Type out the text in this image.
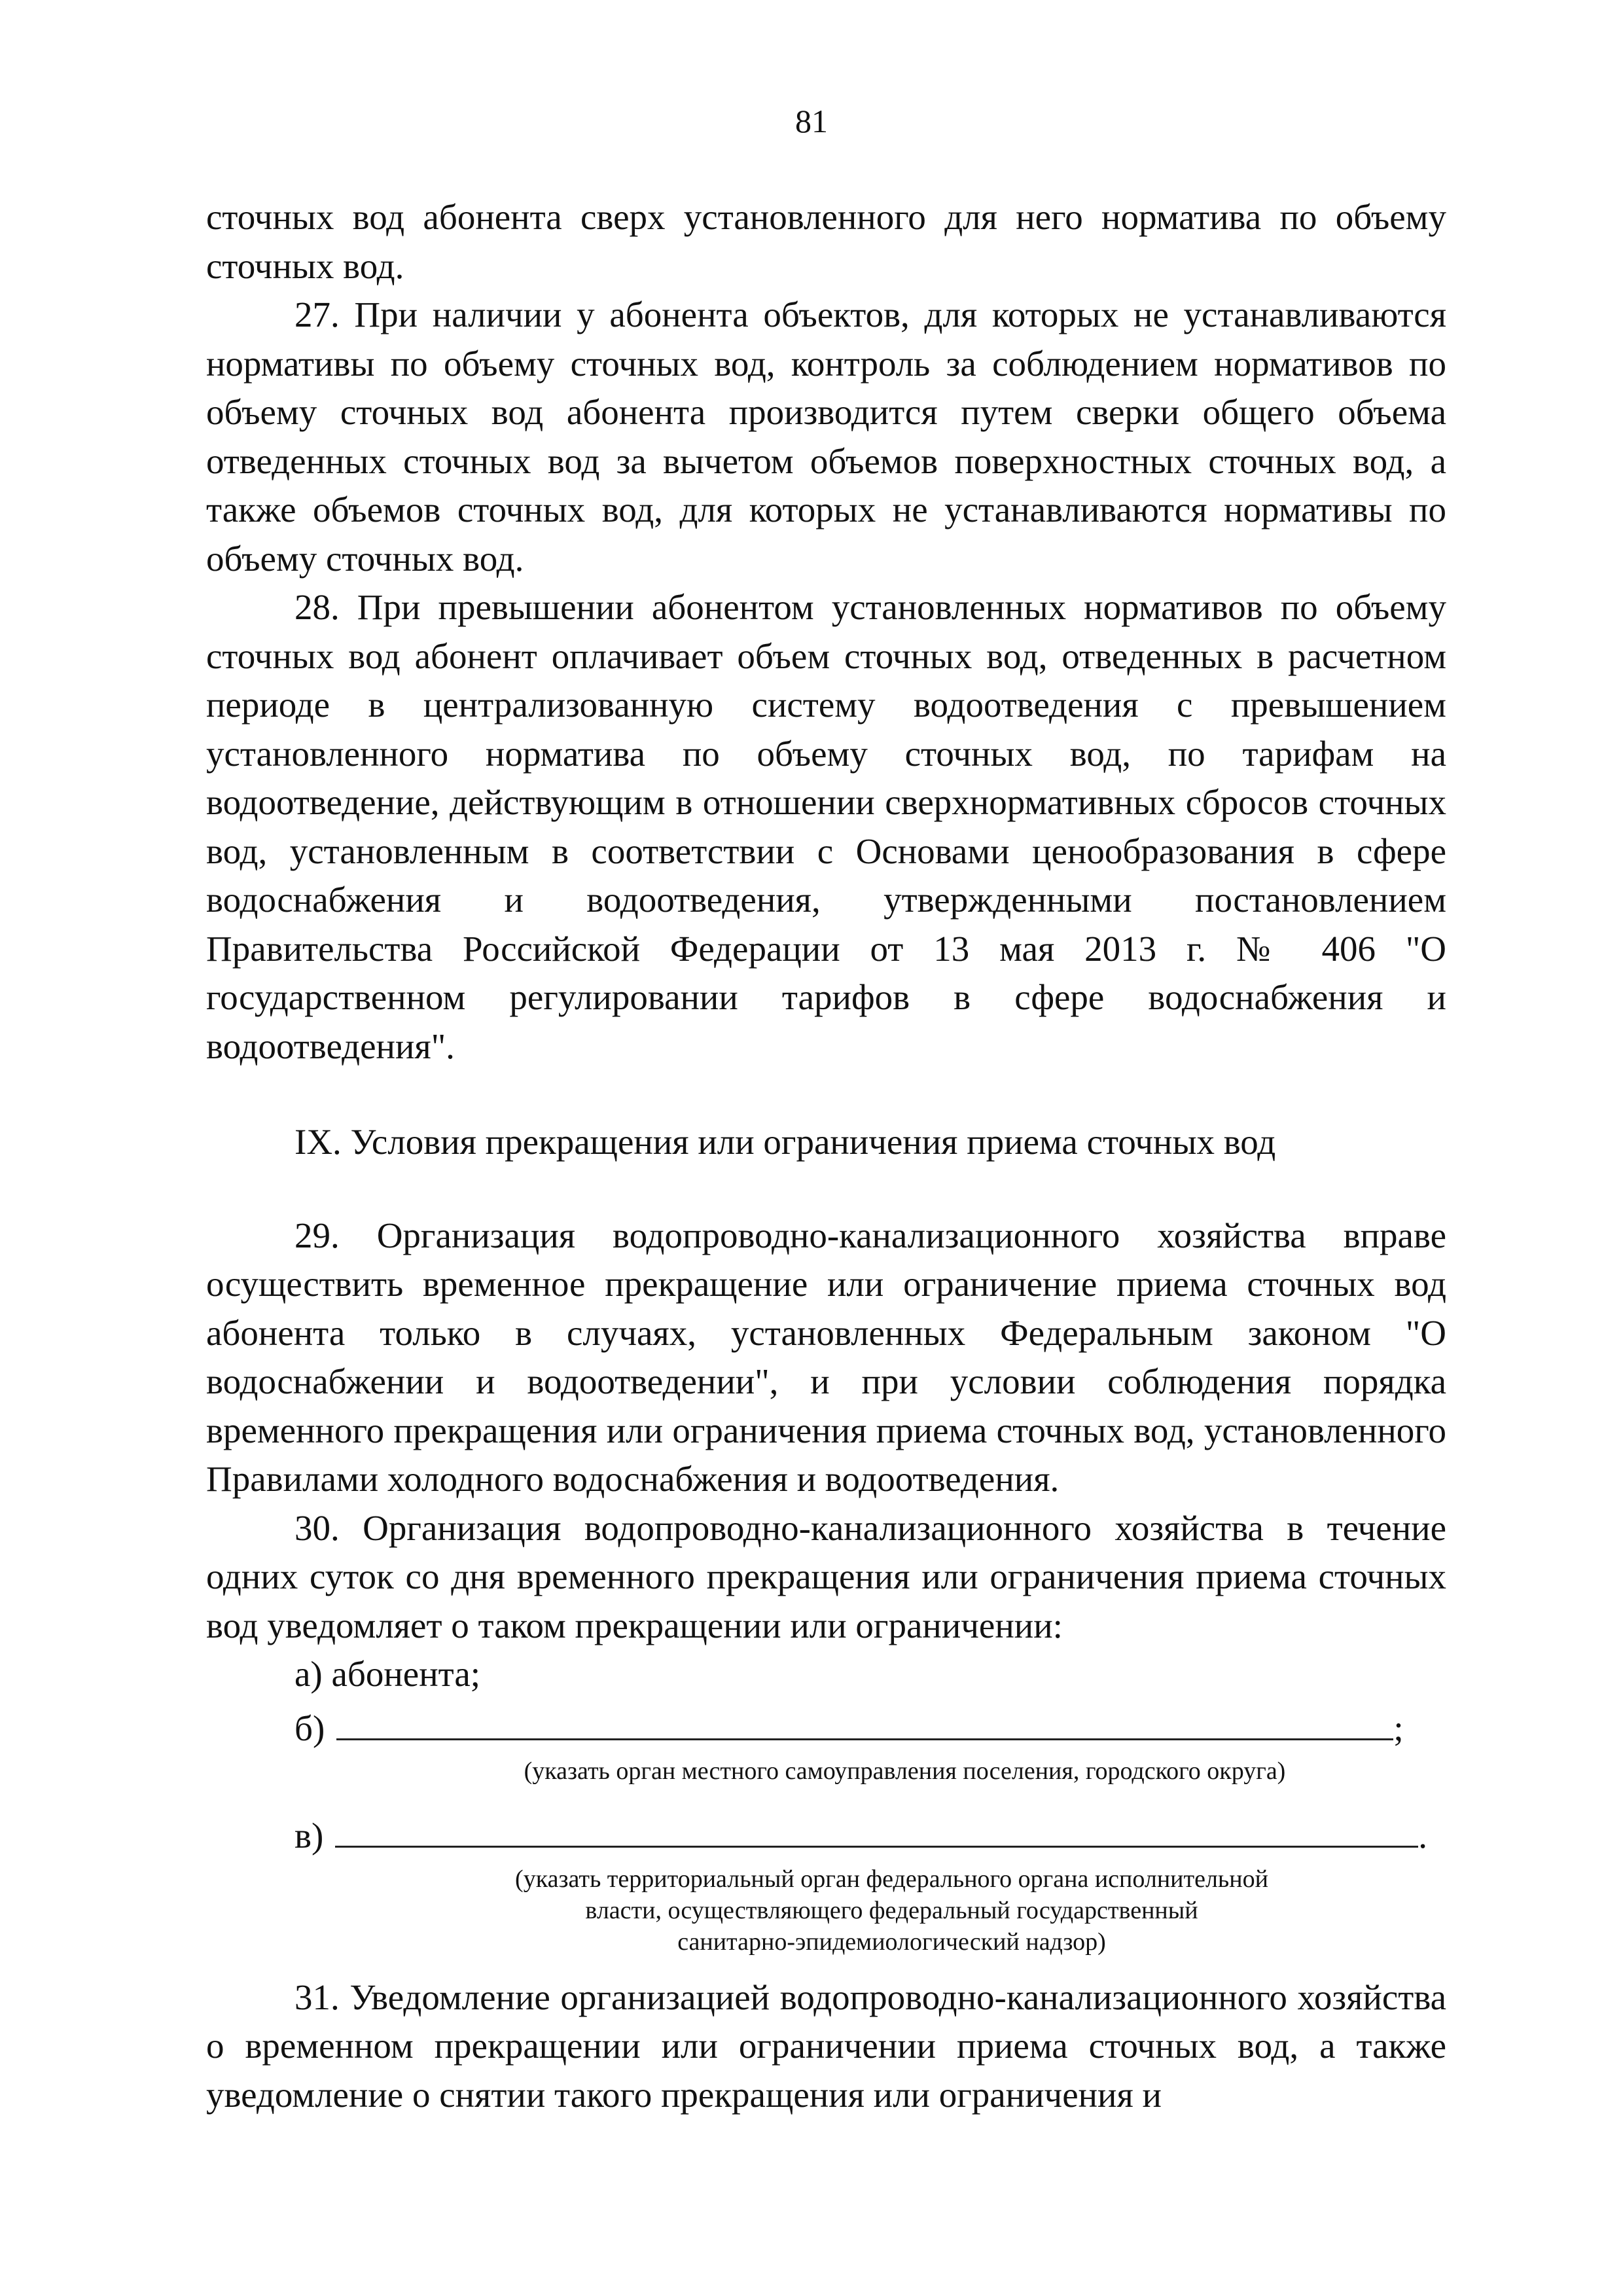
81

сточных вод абонента сверх установленного для него норматива по объему сточных вод.

27. При наличии у абонента объектов, для которых не устанавливаются нормативы по объему сточных вод, контроль за соблюдением нормативов по объему сточных вод абонента производится путем сверки общего объема отведенных сточных вод за вычетом объемов поверхностных сточных вод, а также объемов сточных вод, для которых не устанавливаются нормативы по объему сточных вод.

28. При превышении абонентом установленных нормативов по объему сточных вод абонент оплачивает объем сточных вод, отведенных в расчетном периоде в централизованную систему водоотведения с превышением установленного норматива по объему сточных вод, по тарифам на водоотведение, действующим в отношении сверхнормативных сбросов сточных вод, установленным в соответствии с Основами ценообразования в сфере водоснабжения и водоотведения, утвержденными постановлением Правительства Российской Федерации от 13 мая 2013 г. № 406 "О государственном регулировании тарифов в сфере водоснабжения и водоотведения".

IX. Условия прекращения или ограничения приема сточных вод

29. Организация водопроводно-канализационного хозяйства вправе осуществить временное прекращение или ограничение приема сточных вод абонента только в случаях, установленных Федеральным законом "О водоснабжении и водоотведении", и при условии соблюдения порядка временного прекращения или ограничения приема сточных вод, установленного Правилами холодного водоснабжения и водоотведения.

30. Организация водопроводно-канализационного хозяйства в течение одних суток со дня временного прекращения или ограничения приема сточных вод уведомляет о таком прекращении или ограничении:

а) абонента;

б)	;

(указать орган местного самоуправления поселения, городского округа)

в)	.

(указать территориальный орган федерального органа исполнительной
власти, осуществляющего федеральный государственный
санитарно-эпидемиологический надзор)

31. Уведомление организацией водопроводно-канализационного хозяйства о временном прекращении или ограничении приема сточных вод, а также уведомление о снятии такого прекращения или ограничения и
